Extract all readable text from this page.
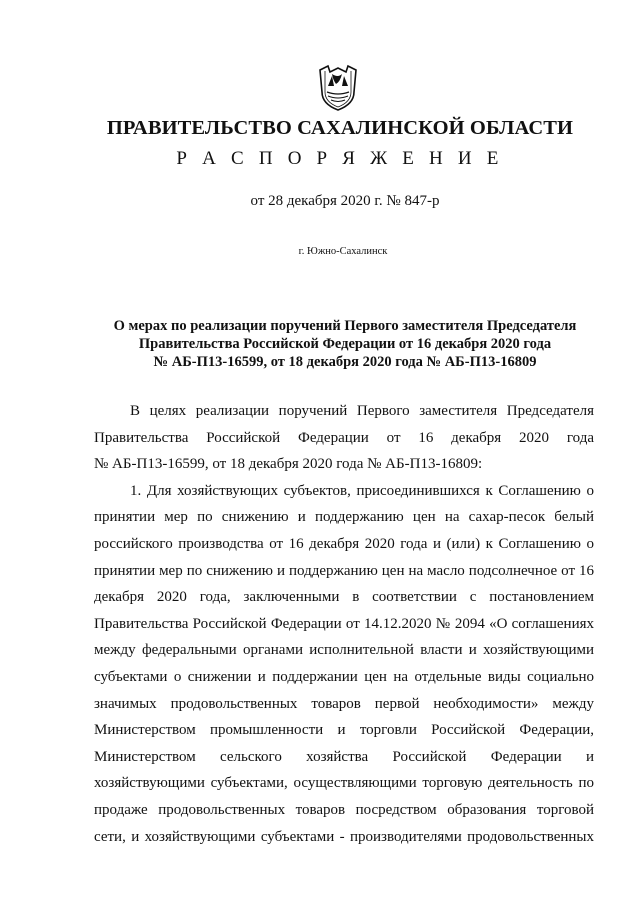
ПРАВИТЕЛЬСТВО САХАЛИНСКОЙ ОБЛАСТИ
Р А С П О Р Я Ж Е Н И Е
от 28 декабря 2020 г. № 847-р
г. Южно-Сахалинск
О мерах по реализации поручений Первого заместителя Председателя
Правительства Российской Федерации от 16 декабря 2020 года
№ АБ-П13-16599, от 18 декабря 2020 года № АБ-П13-16809
В целях реализации поручений Первого заместителя Председателя
Правительства Российской Федерации от 16 декабря 2020 года
№ АБ-П13-16599, от 18 декабря 2020 года № АБ-П13-16809:
1. Для хозяйствующих субъектов, присоединившихся к Соглашению о
принятии мер по снижению и поддержанию цен на сахар-песок белый
российского производства от 16 декабря 2020 года и (или) к Соглашению о
принятии мер по снижению и поддержанию цен на масло подсолнечное от 16
декабря 2020 года, заключенными в соответствии с постановлением
Правительства Российской Федерации от 14.12.2020 № 2094 «О соглашениях
между федеральными органами исполнительной власти и хозяйствующими
субъектами о снижении и поддержании цен на отдельные виды социально
значимых продовольственных товаров первой необходимости» между
Министерством промышленности и торговли Российской Федерации,
Министерством сельского хозяйства Российской Федерации и
хозяйствующими субъектами, осуществляющими торговую деятельность по
продаже продовольственных товаров посредством образования торговой
сети, и хозяйствующими субъектами - производителями продовольственных
